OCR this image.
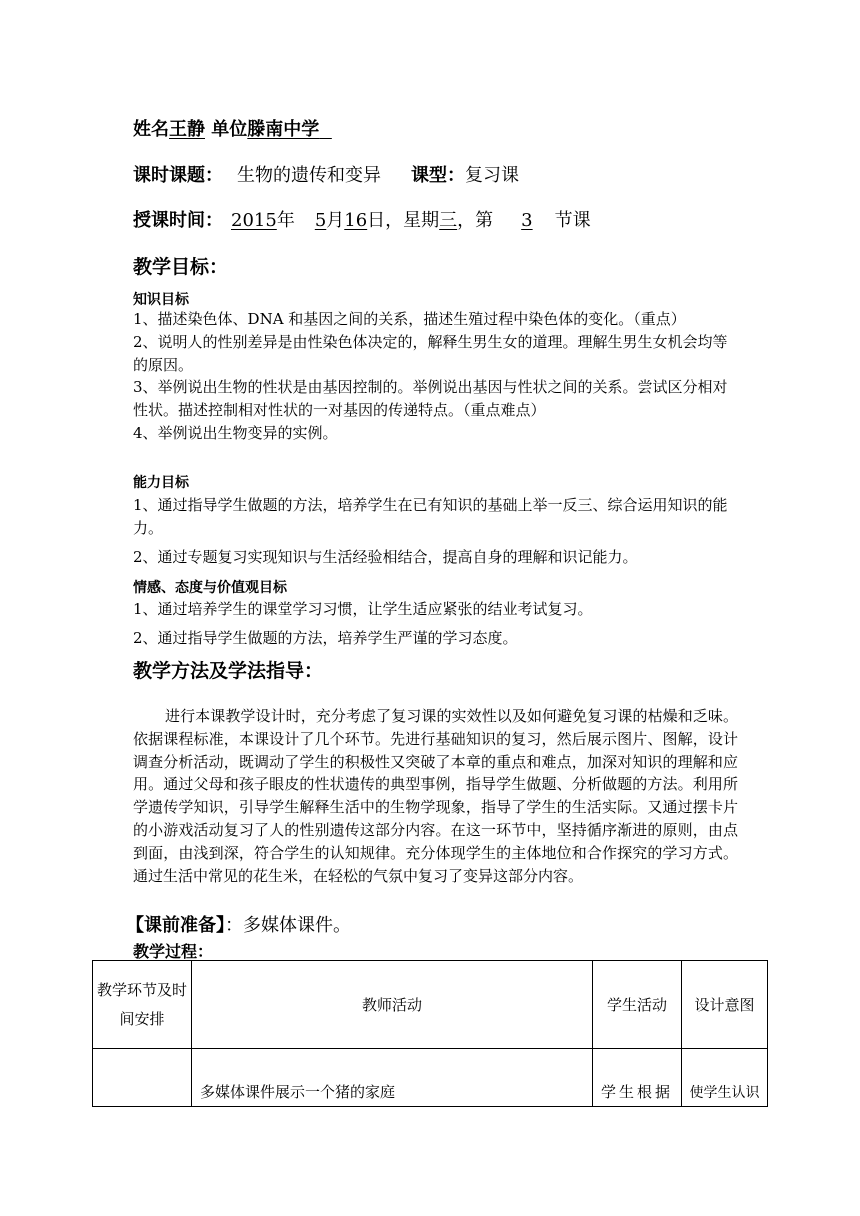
姓名王静 单位滕南中学
课时课题： 生物的遗传和变异 课型：复习课
授课时间： 2015年 5月16日，星期三，第 3 节课
教学目标：
知识目标
1、描述染色体、DNA 和基因之间的关系，描述生殖过程中染色体的变化。（重点）
2、说明人的性别差异是由性染色体决定的，解释生男生女的道理。理解生男生女机会均等的原因。
3、举例说出生物的性状是由基因控制的。举例说出基因与性状之间的关系。尝试区分相对性状。描述控制相对性状的一对基因的传递特点。（重点难点）
4、举例说出生物变异的实例。
能力目标
1、通过指导学生做题的方法，培养学生在已有知识的基础上举一反三、综合运用知识的能力。
2、通过专题复习实现知识与生活经验相结合，提高自身的理解和识记能力。
情感、态度与价值观目标
1、通过培养学生的课堂学习习惯，让学生适应紧张的结业考试复习。
2、通过指导学生做题的方法，培养学生严谨的学习态度。
教学方法及学法指导：
进行本课教学设计时，充分考虑了复习课的实效性以及如何避免复习课的枯燥和乏味。依据课程标准，本课设计了几个环节。先进行基础知识的复习，然后展示图片、图解，设计调查分析活动，既调动了学生的积极性又突破了本章的重点和难点，加深对知识的理解和应用。通过父母和孩子眼皮的性状遗传的典型事例，指导学生做题、分析做题的方法。利用所学遗传学知识，引导学生解释生活中的生物学现象，指导了学生的生活实际。又通过摆卡片的小游戏活动复习了人的性别遗传这部分内容。在这一环节中，坚持循序渐进的原则，由点到面，由浅到深，符合学生的认知规律。充分体现学生的主体地位和合作探究的学习方式。通过生活中常见的花生米，在轻松的气氛中复习了变异这部分内容。
【课前准备】：多媒体课件。
教学过程：
教学环节及时间安排	教师活动	学生活动	设计意图
	多媒体课件展示一个猪的家庭	学生根据	使学生认识
